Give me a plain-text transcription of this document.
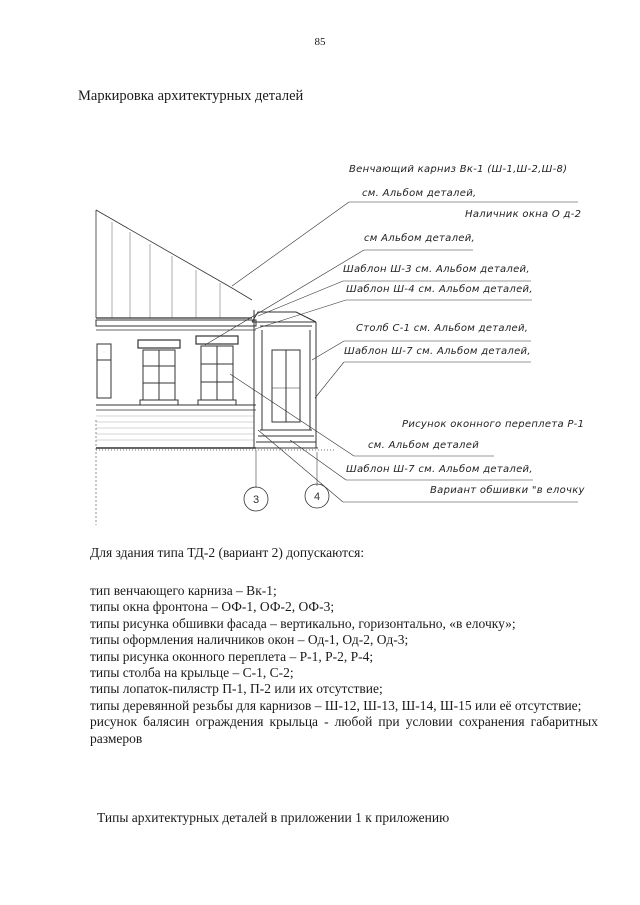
85
Маркировка архитектурных деталей
3	4
Венчающий карниз Вк-1 (Ш-1,Ш-2,Ш-8)
см. Альбом деталей,
Наличник окна О д-2
см Альбом деталей,
Шаблон Ш-3 см. Альбом деталей,
Шаблон Ш-4 см. Альбом деталей,
Столб С-1 см. Альбом деталей,
Шаблон Ш-7 см. Альбом деталей,
Рисунок оконного переплета Р-1
см. Альбом деталей
Шаблон Ш-7 см. Альбом деталей,
Вариант обшивки "в елочку
Для здания типа ТД-2 (вариант 2) допускаются:
тип венчающего карниза – Вк-1;
типы окна фронтона – ОФ-1, ОФ-2, ОФ-3;
типы рисунка обшивки фасада – вертикально, горизонтально, «в елочку»;
типы оформления наличников окон – Од-1, Од-2, Од-3;
типы рисунка оконного переплета – Р-1, Р-2, Р-4;
типы столба на крыльце – С-1, С-2;
типы лопаток-пилястр П-1, П-2 или их отсутствие;
типы деревянной резьбы для карнизов – Ш-12, Ш-13, Ш-14, Ш-15 или её отсутствие;
рисунок балясин ограждения крыльца - любой при условии сохранения габаритных размеров
Типы архитектурных деталей в приложении 1 к приложению
